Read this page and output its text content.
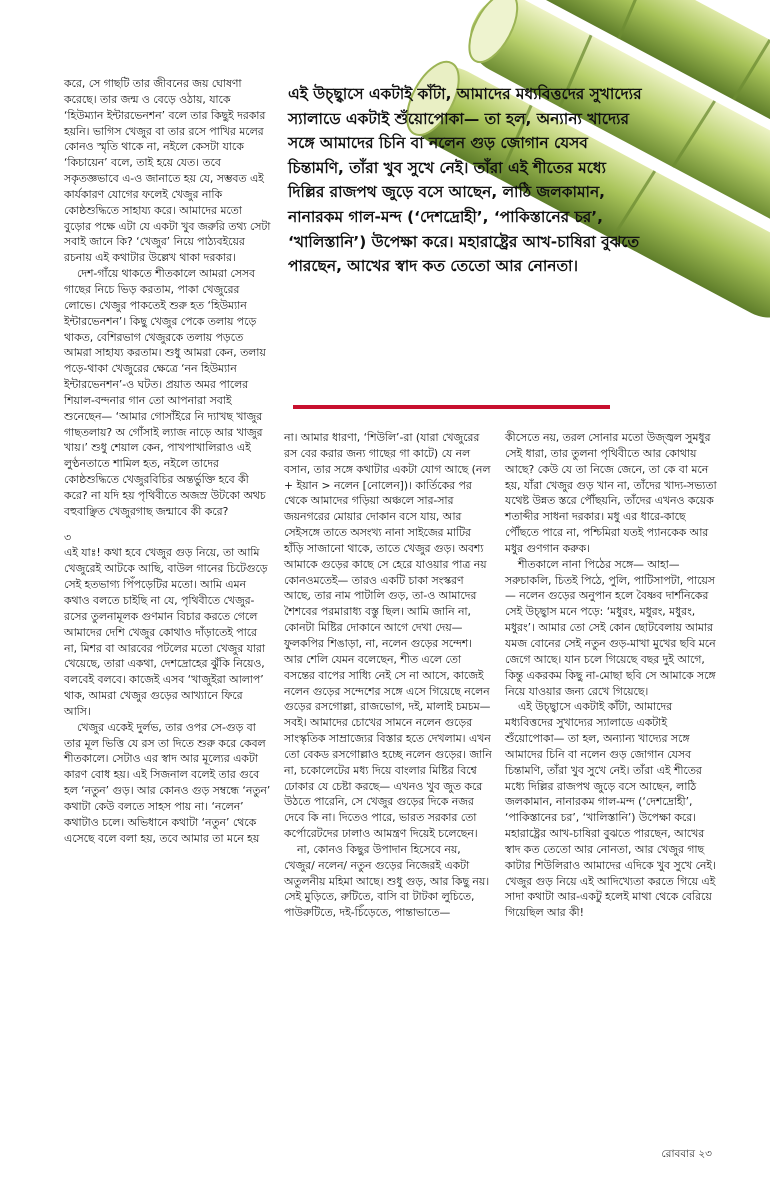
এই উচ্ছ্বাসে একটাই কাঁটা, আমাদের মধ্যবিত্তদের সুখাদ্যের স্যালাডে একটাই শুঁয়োপোকা— তা হল, অন্যান্য খাদ্যের সঙ্গে আমাদের চিনি বা নলেন গুড় জোগান যেসব চিন্তামণি, তাঁরা খুব সুখে নেই। তাঁরা এই শীতের মধ্যে দিল্লির রাজপথ জুড়ে বসে আছেন, লাঠি জলকামান, নানারকম গাল-মন্দ (‘দেশদ্রোহী’, ‘পাকিস্তানের চর’, ‘খালিস্তানি’) উপেক্ষা করে। মহারাষ্ট্রের আখ-চাষিরা বুঝতে পারছেন, আখের স্বাদ কত তেতো আর নোনতা।

করে, সে গাছটি তার জীবনের জয় ঘোষণা করেছে। তার জন্ম ও বেড়ে ওঠায়, যাকে ‘হিউম্যান ইন্টারভেনশন’ বলে তার কিছুই দরকার হয়নি। ভাগিস খেজুর বা তার রসে পাখির মলের কোনও স্মৃতি থাকে না, নইলে কেসটা যাকে ‘কিচায়েন’ বলে, তাই হয়ে যেত। তবে সকৃতজ্ঞভাবে এ-ও জানাতে হয় যে, সম্ভবত এই কার্যকারণ যোগের ফলেই খেজুর নাকি কোষ্ঠশুদ্ধিতে সাহায্য করে। আমাদের মতো বুড়োর পক্ষে এটা যে একটা খুব জরুরি তথ্য সেটা সবাই জানে কি? ‘খেজুর’ নিয়ে পাঠ্যবইয়ের রচনায় এই কথাটার উল্লেখ থাকা দরকার।

দেশ-গাঁয়ে থাকতে শীতকালে আমরা সেসব গাছের নিচে ভিড় করতাম, পাকা খেজুরের লোভে। খেজুর পাকতেই শুরু হত ‘হিউম্যান ইন্টারভেনশন’। কিছু খেজুর পেকে তলায় পড়ে থাকত, বেশিরভাগ খেজুরকে তলায় পড়তে আমরা সাহায্য করতাম। শুধু আমরা কেন, তলায় পড়ে-থাকা খেজুরের ক্ষেত্রে ‘নন হিউম্যান ইন্টারভেনশন’-ও ঘটত। প্রয়াত অমর পালের শিয়াল-বন্দনার গান তো আপনারা সবাই শুনেছেন— ‘আমার গোসাঁইরে নি দ্যাখছ খাজুর গাছতলায়? অ গোঁসাই ল্যাজ নাড়ে আর খাজুর খায়।’ শুধু শেয়াল কেন, পাখপাখালিরাও এই লুণ্ঠনতাতে শামিল হত, নইলে তাদের কোষ্ঠশুদ্ধিতে খেজুরবিচির অন্তর্ভুক্তি হবে কী করে? না যদি হয় পৃথিবীতে অজস্র উটকো অথচ বহুবাঞ্ছিত খেজুরগাছ জন্মাবে কী করে?

৩

এই যাঃ! কথা হবে খেজুর গুড় নিয়ে, তা আমি খেজুরেই আটকে আছি, বাউল গানের চিটেগুড়ে সেই হতভাগ্য পিঁপড়েটির মতো। আমি এমন কথাও বলতে চাইছি না যে, পৃথিবীতে খেজুর-রসের তুলনামূলক গুণমান বিচার করতে গেলে আমাদের দেশি খেজুর কোথাও দাঁড়াতেই পারে না, মিশর বা আরবের পটলের মতো খেজুর যারা খেয়েছে, তারা একথা, দেশদ্রোহের ঝুঁকি নিয়েও, বলবেই বলবে। কাজেই এসব ‘খাজুইরা আলাপ’ থাক, আমরা খেজুর গুড়ের আখ্যানে ফিরে আসি।

খেজুর একেই দুর্লভ, তার ওপর সে-গুড় বা তার মূল ভিত্তি যে রস তা দিতে শুরু করে কেবল শীতকালে। সেটাও এর স্বাদ আর মূল্যের একটা কারণ বোধ হয়। এই সিজনাল বলেই তার গুবে হল ‘নতুন’ গুড়। আর কোনও গুড় সম্বন্ধে ‘নতুন’ কথাটা কেউ বলতে সাহস পায় না। ‘নলেন’ কথাটাও চলে। অভিধানে কথাটা ‘নতুন’ থেকে এসেছে বলে বলা হয়, তবে আমার তা মনে হয়

না। আমার ধারণা, ‘শিউলি’-রা (যারা খেজুরের রস বের করার জন্য গাছের গা কাটে) যে নল বসান, তার সঙ্গে কথাটার একটা যোগ আছে (নল + ইয়ান > নলেন [নোলেন])। কার্তিকের পর থেকে আমাদের গড়িয়া অঞ্চলে সার-সার জয়নগরের মোয়ার দোকান বসে যায়, আর সেইসঙ্গে তাতে অসংখ্য নানা সাইজের মাটির হাঁড়ি সাজানো থাকে, তাতে খেজুর গুড়। অবশ্য আমাকে গুড়ের কাছে সে হেরে যাওয়ার পাত্র নয় কোনওমতেই— তারও একটি চাকা সংস্করণ আছে, তার নাম পাটালি গুড়, তা-ও আমাদের শৈশবের পরমারাধ্য বস্তু ছিল। আমি জানি না, কোনটা মিষ্টির দোকানে আগে দেখা দেয়— ফুলকপির শিঙাড়া, না, নলেন গুড়ের সন্দেশ। আর শেলি যেমন বলেছেন, শীত এলে তো বসন্তের বাপের সাধ্যি নেই সে না আসে, কাজেই নলেন গুড়ের সন্দেশের সঙ্গে এসে গিয়েছে নলেন গুড়ের রসগোল্লা, রাজভোগ, দই, মালাই চমচম— সবই। আমাদের চোখের সামনে নলেন গুড়ের সাংস্কৃতিক সাম্রাজ্যের বিস্তার হতে দেখলাম। এখন তো বেকড রসগোল্লাও হচ্ছে নলেন গুড়ের। জানি না, চকোলেটের মধ্য দিয়ে বাংলার মিষ্টির বিশ্বে ঢোকার যে চেষ্টা করছে— এখনও খুব জুত করে উঠতে পারেনি, সে খেজুর গুড়ের দিকে নজর দেবে কি না। দিতেও পারে, ভারত সরকার তো কর্পোরেটদের ঢালাও আমন্ত্রণ দিয়েই চলেছেন।

না, কোনও কিছুর উপাদান হিসেবে নয়, খেজুর/ নলেন/ নতুন গুড়ের নিজেরই একটা অতুলনীয় মহিমা আছে। শুধু গুড়, আর কিছু নয়। সেই মুড়িতে, রুটিতে, বাসি বা টাটকা লুচিতে, পাউরুটিতে, দই-চিঁড়েতে, পান্তাভাতে—

কীসেতে নয়, তরল সোনার মতো উজ্জ্বল সুমধুর সেই ধারা, তার তুলনা পৃথিবীতে আর কোথায় আছে? কেউ যে তা নিজে জেনে, তা কে বা মনে হয়, যাঁরা খেজুর গুড় খান না, তাঁদের খাদ্য-সভ্যতা যথেষ্ট উন্নত স্তরে পৌঁছয়নি, তাঁদের এখনও কয়েক শতাব্দীর সাধনা দরকার। মধু এর ধারে-কাছে পৌঁছতে পারে না, পশ্চিমিরা যতই প্যানকেক আর মধুর গুণগান করুক।

শীতকালে নানা পিঠের সঙ্গে— আহা— সরুচাকলি, চিতই পিঠে, পুলি, পাটিসাপটা, পায়েস— নলেন গুড়ের অনুপান হলে বৈষ্ণব দার্শনিকের সেই উচ্ছ্বাস মনে পড়ে: ‘মধুরং, মধুরং, মধুরং, মধুরং’। আমার তো সেই কোন ছোটবেলায় আমার যমজ বোনের সেই নতুন গুড়-মাখা মুখের ছবি মনে জেগে আছে। যান চলে গিয়েছে বছর দুই আগে, কিন্তু একরকম কিছু না-মোছা ছবি সে আমাকে সঙ্গে নিয়ে যাওয়ার জন্য রেখে গিয়েছে।

এই উচ্ছ্বাসে একটাই কাঁটা, আমাদের মধ্যবিত্তদের সুখাদ্যের স্যালাডে একটাই শুঁয়োপোকা— তা হল, অন্যান্য খাদ্যের সঙ্গে আমাদের চিনি বা নলেন গুড় জোগান যেসব চিন্তামণি, তাঁরা খুব সুখে নেই। তাঁরা এই শীতের মধ্যে দিল্লির রাজপথ জুড়ে বসে আছেন, লাঠি জলকামান, নানারকম গাল-মন্দ (‘দেশদ্রোহী’, ‘পাকিস্তানের চর’, ‘খালিস্তানি’) উপেক্ষা করে। মহারাষ্ট্রের আখ-চাষিরা বুঝতে পারছেন, আখের স্বাদ কত তেতো আর নোনতা, আর খেজুর গাছ কাটার শিউলিরাও আমাদের এদিকে খুব সুখে নেই। খেজুর গুড় নিয়ে এই আদিখ্যেতা করতে গিয়ে এই সাদা কথাটা আর-একটু হলেই মাথা থেকে বেরিয়ে গিয়েছিল আর কী!

রোববার ২৩
